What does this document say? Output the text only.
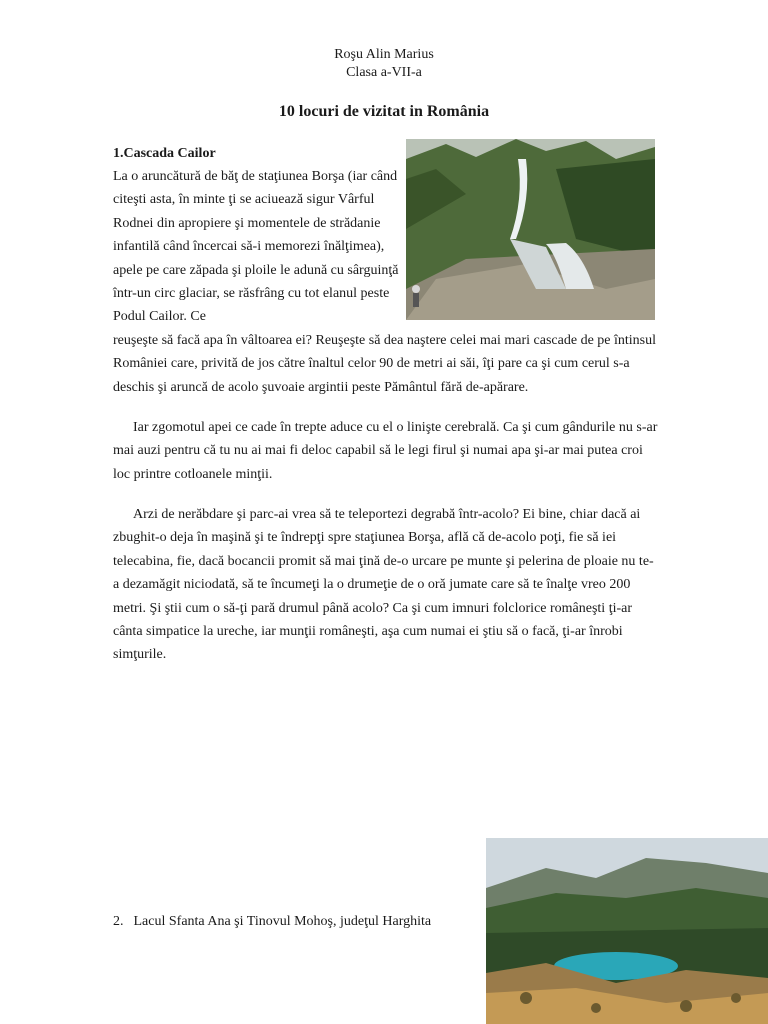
Roşu Alin Marius
Clasa a-VII-a
10 locuri de vizitat in România
1.Cascada Cailor

La o aruncătură de băţ de staţiunea Borşa (iar când citeşti asta, în minte ţi se aciuează sigur Vârful Rodnei din apropiere şi momentele de strădanie infantilă când încercai să-i memorezi înălţimea), apele pe care zăpada şi ploile le adună cu sârguinţă într-un circ glaciar, se răsfrâng cu tot elanul peste Podul Cailor. Ce

reuşeşte să facă apa în vâltoarea ei? Reuşeşte să dea naştere celei mai mari cascade de pe întinsul României care, privită de jos către înaltul celor 90 de metri ai săi, îţi pare ca şi cum cerul s-a deschis şi aruncă de acolo şuvoaie argintii peste Pământul fără de-apărare.

Iar zgomotul apei ce cade în trepte aduce cu el o linişte cerebrală. Ca şi cum gândurile nu s-ar mai auzi pentru că tu nu ai mai fi deloc capabil să le legi firul şi numai apa şi-ar mai putea croi loc printre cotloanele minţii.

Arzi de nerăbdare şi parc-ai vrea să te teleportezi degrabă într-acolo? Ei bine, chiar dacă ai zbughit-o deja în maşină şi te îndrepţi spre staţiunea Borşa, află că de-acolo poţi, fie să iei telecabina, fie, dacă bocancii promit să mai ţină de-o urcare pe munte şi pelerina de ploaie nu te-a dezamăgit niciodată, să te încumeţi la o drumeţie de o oră jumate care să te înalţe vreo 200 metri. Şi ştii cum o să-ţi pară drumul până acolo? Ca şi cum imnuri folclorice româneşti ţi-ar cânta simpatice la ureche, iar munţii româneşti, aşa cum numai ei ştiu să o facă, ţi-ar înrobi simţurile.

2. Lacul Sfanta Ana şi Tinovul Mohoş, judeţul Harghita
